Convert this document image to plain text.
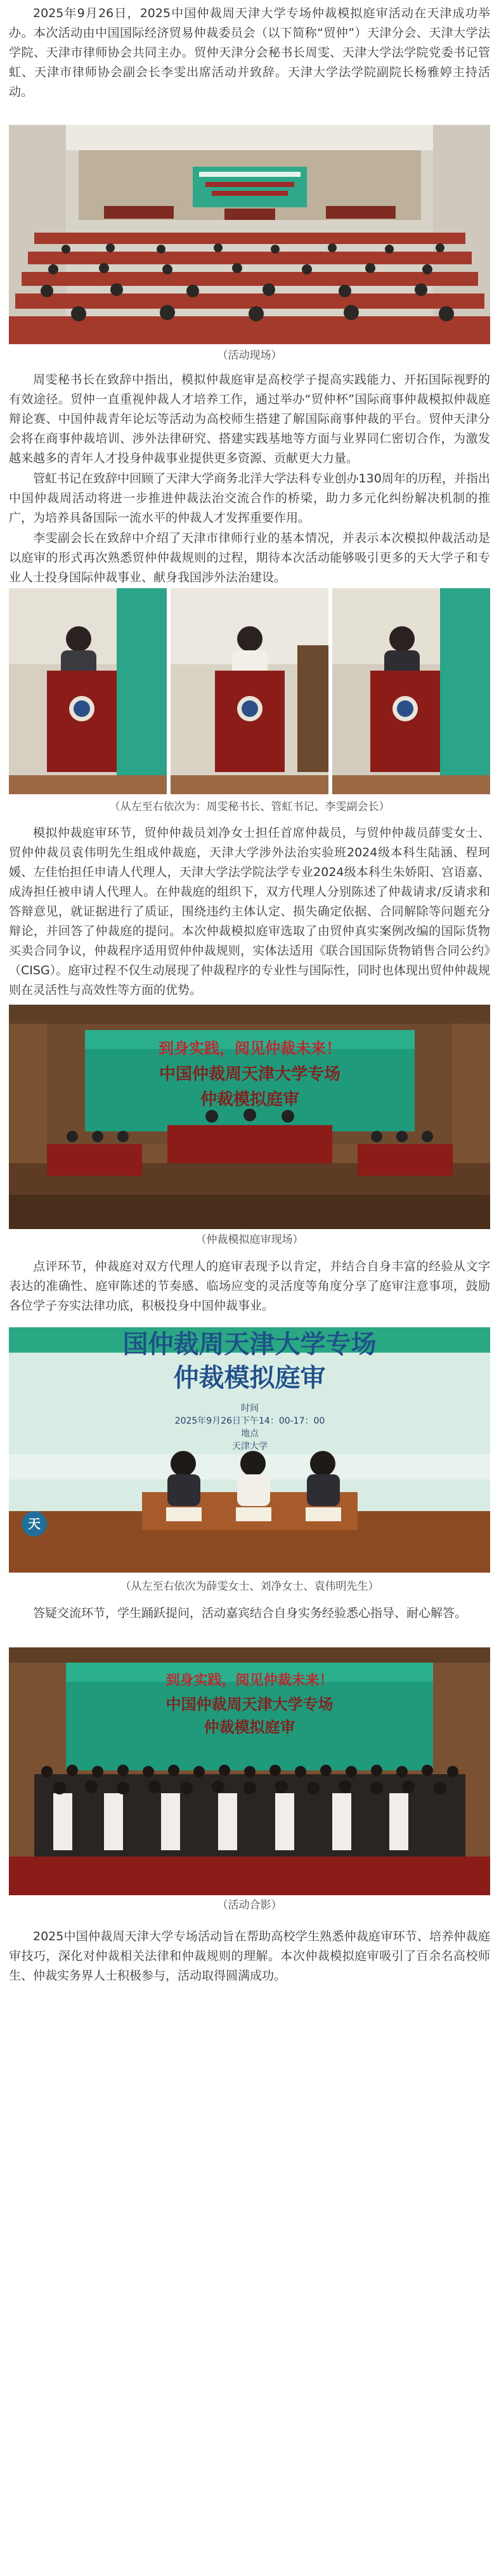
2025年9月26日，2025中国仲裁周天津大学专场仲裁模拟庭审活动在天津成功举办。本次活动由中国国际经济贸易仲裁委员会（以下简称“贸仲”）天津分会、天津大学法学院、天津市律师协会共同主办。贸仲天津分会秘书长周雯、天津大学法学院党委书记管虹、天津市律师协会副会长李雯出席活动并致辞。天津大学法学院副院长杨雅婷主持活动。

（活动现场）

周雯秘书长在致辞中指出，模拟仲裁庭审是高校学子提高实践能力、开拓国际视野的有效途径。贸仲一直重视仲裁人才培养工作，通过举办“贸仲杯”国际商事仲裁模拟仲裁庭辩论赛、中国仲裁青年论坛等活动为高校师生搭建了解国际商事仲裁的平台。贸仲天津分会将在商事仲裁培训、涉外法律研究、搭建实践基地等方面与业界同仁密切合作，为激发越来越多的青年人才投身仲裁事业提供更多资源、贡献更大力量。

管虹书记在致辞中回顾了天津大学商务北洋大学法科专业创办130周年的历程，并指出中国仲裁周活动将进一步推进仲裁法治交流合作的桥梁，助力多元化纠纷解决机制的推广，为培养具备国际一流水平的仲裁人才发挥重要作用。

李雯副会长在致辞中介绍了天津市律师行业的基本情况，并表示本次模拟仲裁活动是以庭审的形式再次熟悉贸仲仲裁规则的过程，期待本次活动能够吸引更多的天大学子和专业人士投身国际仲裁事业、献身我国涉外法治建设。

（从左至右依次为：周雯秘书长、管虹书记、李雯副会长）

模拟仲裁庭审环节，贸仲仲裁员刘净女士担任首席仲裁员，与贸仲仲裁员薛雯女士、贸仲仲裁员袁伟明先生组成仲裁庭，天津大学涉外法治实验班2024级本科生陆涵、程珂媛、左佳怡担任申请人代理人，天津大学法学院法学专业2024级本科生朱娇阳、宫语嘉、成涛担任被申请人代理人。在仲裁庭的组织下，双方代理人分别陈述了仲裁请求/反请求和答辩意见，就证据进行了质证，围绕违约主体认定、损失确定依据、合同解除等问题充分辩论，并回答了仲裁庭的提问。本次仲裁模拟庭审选取了由贸仲真实案例改编的国际货物买卖合同争议，仲裁程序适用贸仲仲裁规则，实体法适用《联合国国际货物销售合同公约》（CISG）。庭审过程不仅生动展现了仲裁程序的专业性与国际性，同时也体现出贸仲仲裁规则在灵活性与高效性等方面的优势。

到身实践，阅见仲裁未来！
中国仲裁周天津大学专场
仲裁模拟庭审
（仲裁模拟庭审现场）

点评环节，仲裁庭对双方代理人的庭审表现予以肯定，并结合自身丰富的经验从文字表达的准确性、庭审陈述的节奏感、临场应变的灵活度等角度分享了庭审注意事项，鼓励各位学子夯实法律功底，积极投身中国仲裁事业。

国仲裁周天津大学专场
仲裁模拟庭审
时间
2025年9月26日下午14：00-17：00
地点
天津大学
天
（从左至右依次为薛雯女士、刘净女士、袁伟明先生）

答疑交流环节，学生踊跃提问，活动嘉宾结合自身实务经验悉心指导、耐心解答。

到身实践，阅见仲裁未来！
中国仲裁周天津大学专场
仲裁模拟庭审
（活动合影）

2025中国仲裁周天津大学专场活动旨在帮助高校学生熟悉仲裁庭审环节、培养仲裁庭审技巧，深化对仲裁相关法律和仲裁规则的理解。本次仲裁模拟庭审吸引了百余名高校师生、仲裁实务界人士积极参与，活动取得圆满成功。
